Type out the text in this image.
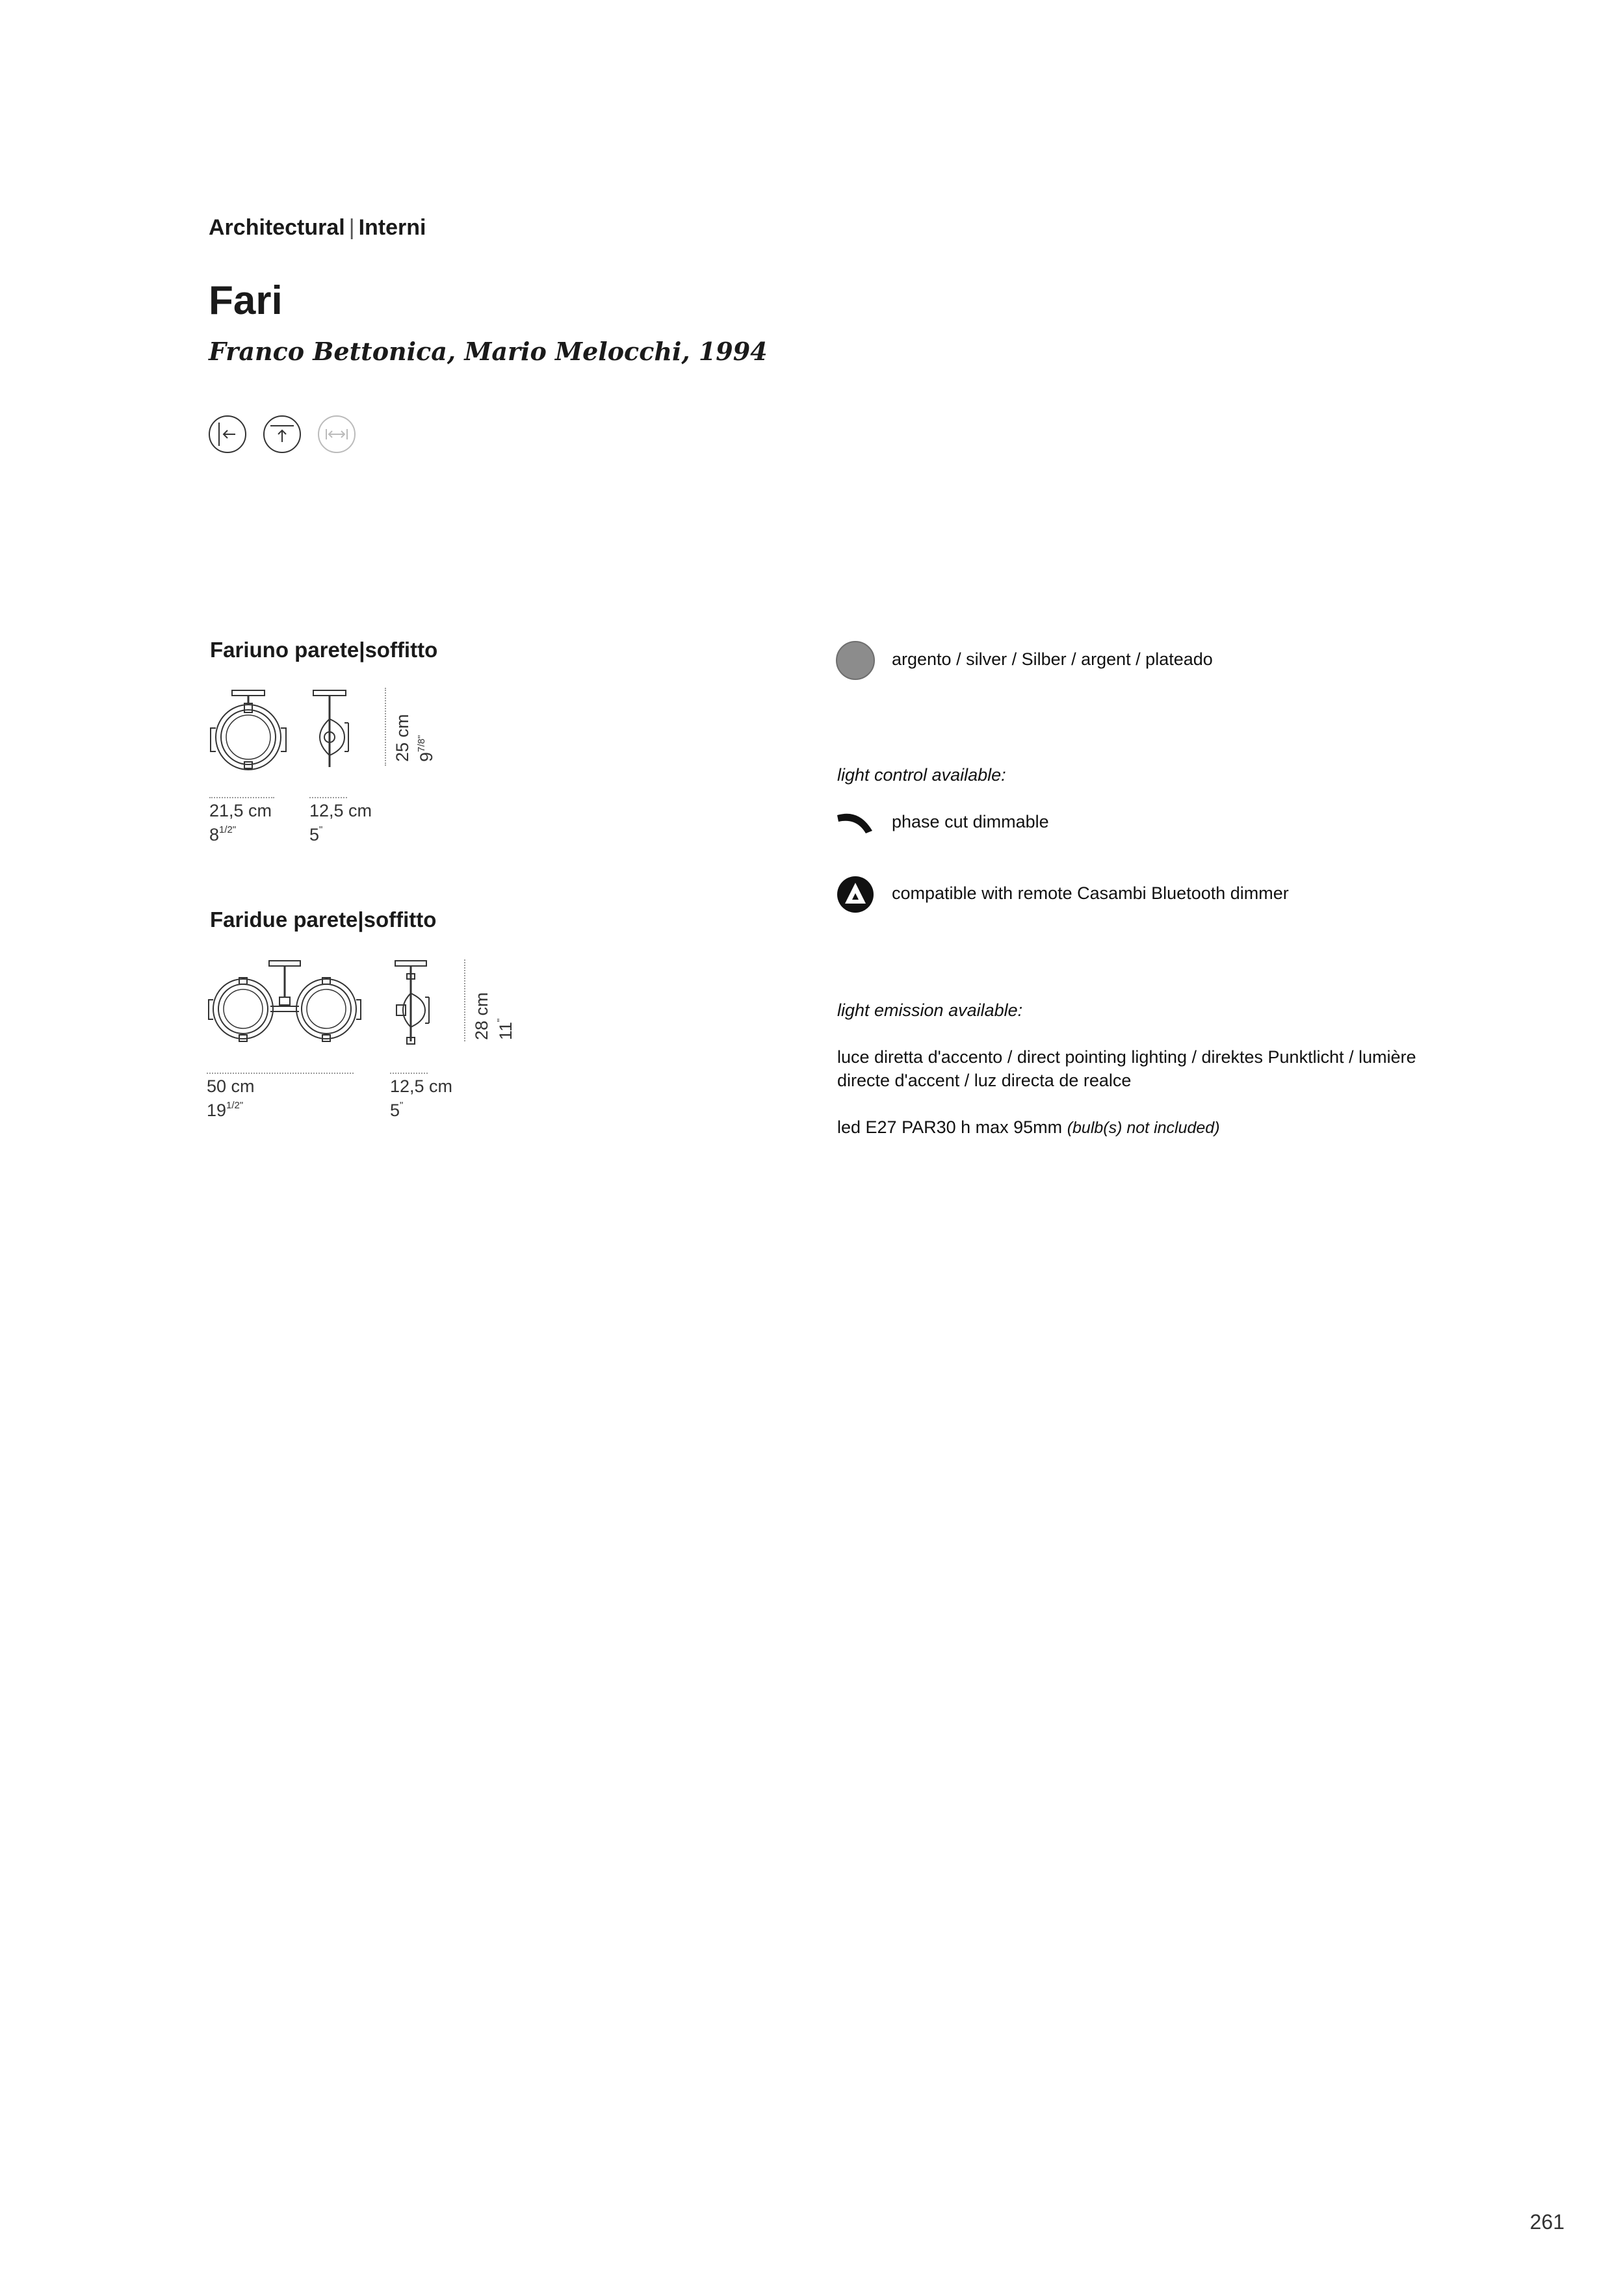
Architectural | Interni
Fari
Franco Bettonica, Mario Melocchi, 1994
Fariuno parete|soffitto
25 cm $9^{7/8"}$
21,5 cm
$8^{1/2"}$
12,5 cm
5"
Faridue parete|soffitto
28 cm 11"
50 cm
$19^{1/2"}$
12,5 cm
5"
argento / silver / Silber / argent / plateado
light control available:
phase cut dimmable
compatible with remote Casambi Bluetooth dimmer
light emission available:
luce diretta d'accento / direct pointing lighting / direktes Punktlicht / lumière
directe d'accent / luz directa de realce
led E27 PAR30 h max 95mm (bulb(s) not included)
261
